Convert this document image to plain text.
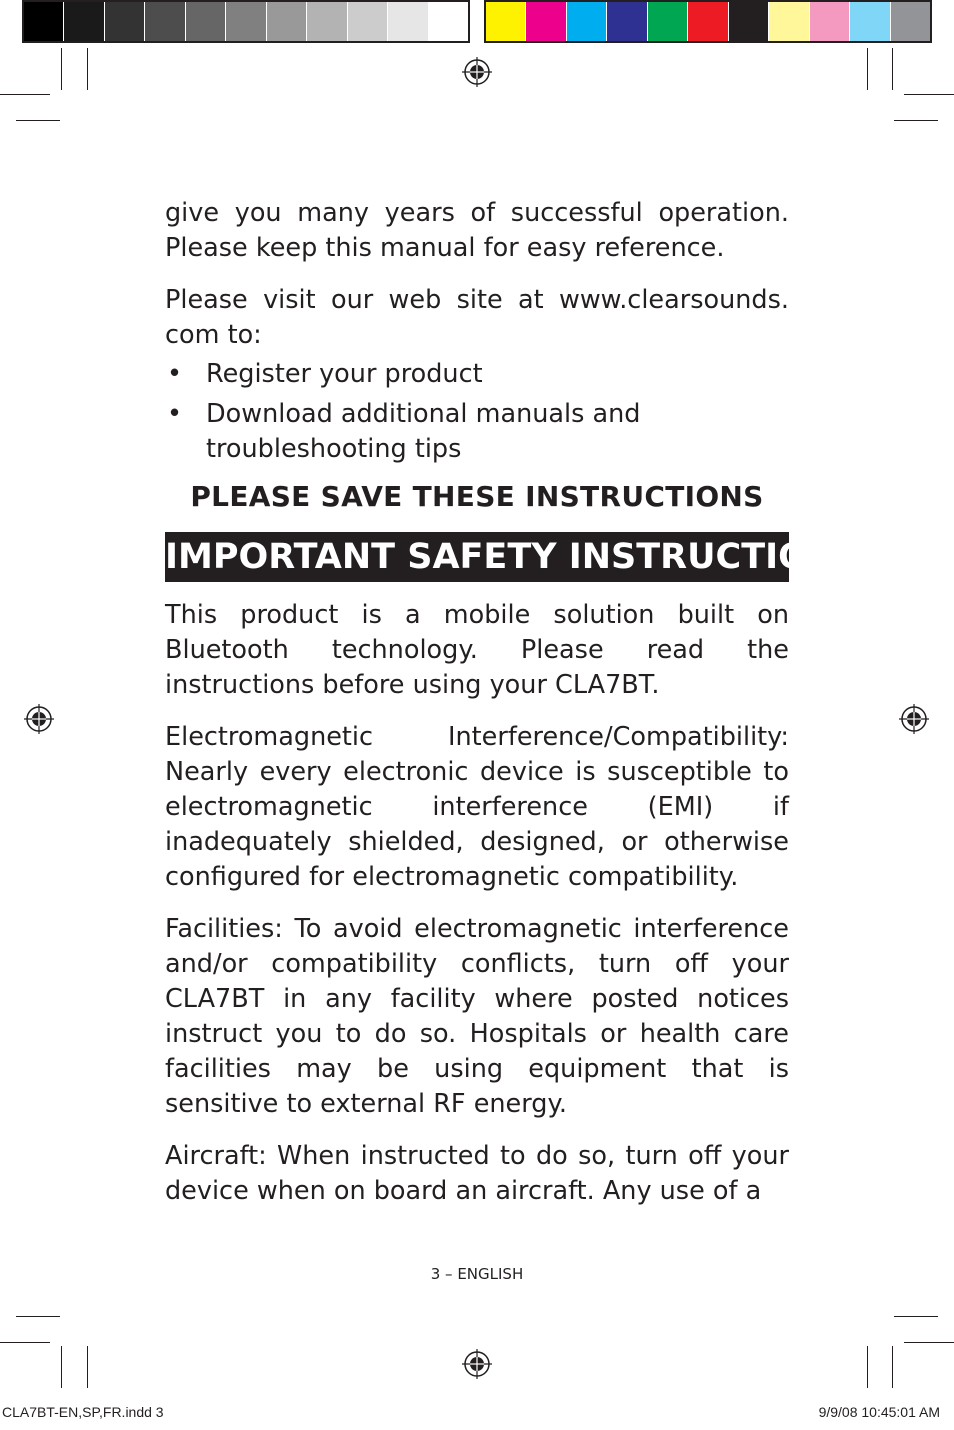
give you many years of successful operation. Please keep this manual for easy reference.

Please visit our web site at www.clearsounds. com to:

• Register your product
• Download additional manuals and troubleshooting tips
PLEASE SAVE THESE INSTRUCTIONS
IMPORTANT SAFETY INSTRUCTIONS

This product is a mobile solution built on Bluetooth technology. Please read the instructions before using your CLA7BT.

Electromagnetic Interference/Compatibility: Nearly every electronic device is susceptible to electromagnetic interference (EMI) if inadequately shielded, designed, or otherwise configured for electromagnetic compatibility.

Facilities: To avoid electromagnetic interference and/or compatibility conflicts, turn off your CLA7BT in any facility where posted notices instruct you to do so. Hospitals or health care facilities may be using equipment that is sensitive to external RF energy.

Aircraft: When instructed to do so, turn off your device when on board an aircraft. Any use of a

3 – ENGLISH
CLA7BT-EN,SP,FR.indd 3	9/9/08 10:45:01 AM
